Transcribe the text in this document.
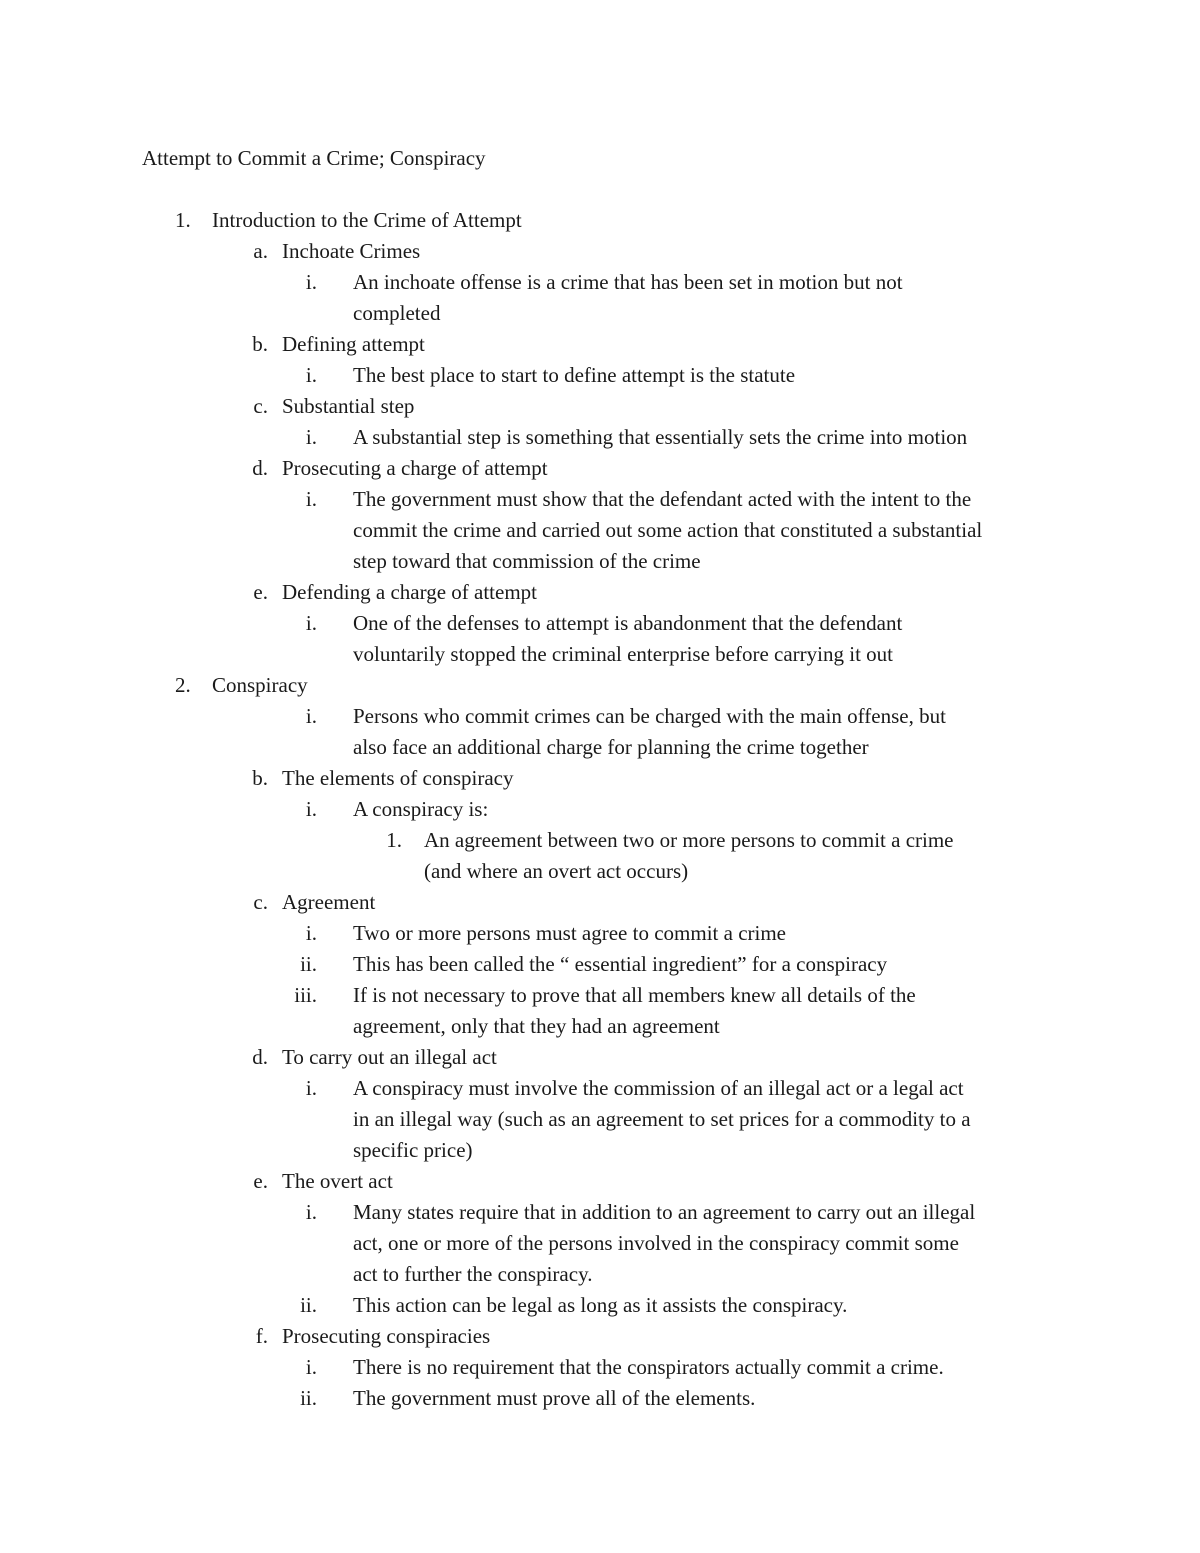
Attempt to Commit a Crime; Conspiracy
1.	Introduction to the Crime of Attempt
a. Inchoate Crimes
i. An inchoate offense is a crime that has been set in motion but not
completed
b. Defining attempt
i. The best place to start to define attempt is the statute
c. Substantial step
i. A substantial step is something that essentially sets the crime into motion
d. Prosecuting a charge of attempt
i. The government must show that the defendant acted with the intent to the
commit the crime and carried out some action that constituted a substantial
step toward that commission of the crime
e. Defending a charge of attempt
i. One of the defenses to attempt is abandonment that the defendant
voluntarily stopped the criminal enterprise before carrying it out
2.	Conspiracy
i. Persons who commit crimes can be charged with the main offense, but
also face an additional charge for planning the crime together
b. The elements of conspiracy
i. A conspiracy is:
1. An agreement between two or more persons to commit a crime
(and where an overt act occurs)
c. Agreement
i. Two or more persons must agree to commit a crime
ii. This has been called the “ essential ingredient” for a conspiracy
iii. If is not necessary to prove that all members knew all details of the
agreement, only that they had an agreement
d. To carry out an illegal act
i. A conspiracy must involve the commission of an illegal act or a legal act
in an illegal way (such as an agreement to set prices for a commodity to a
specific price)
e. The overt act
i. Many states require that in addition to an agreement to carry out an illegal
act, one or more of the persons involved in the conspiracy commit some
act to further the conspiracy.
ii. This action can be legal as long as it assists the conspiracy.
f. Prosecuting conspiracies
i. There is no requirement that the conspirators actually commit a crime.
ii. The government must prove all of the elements.
